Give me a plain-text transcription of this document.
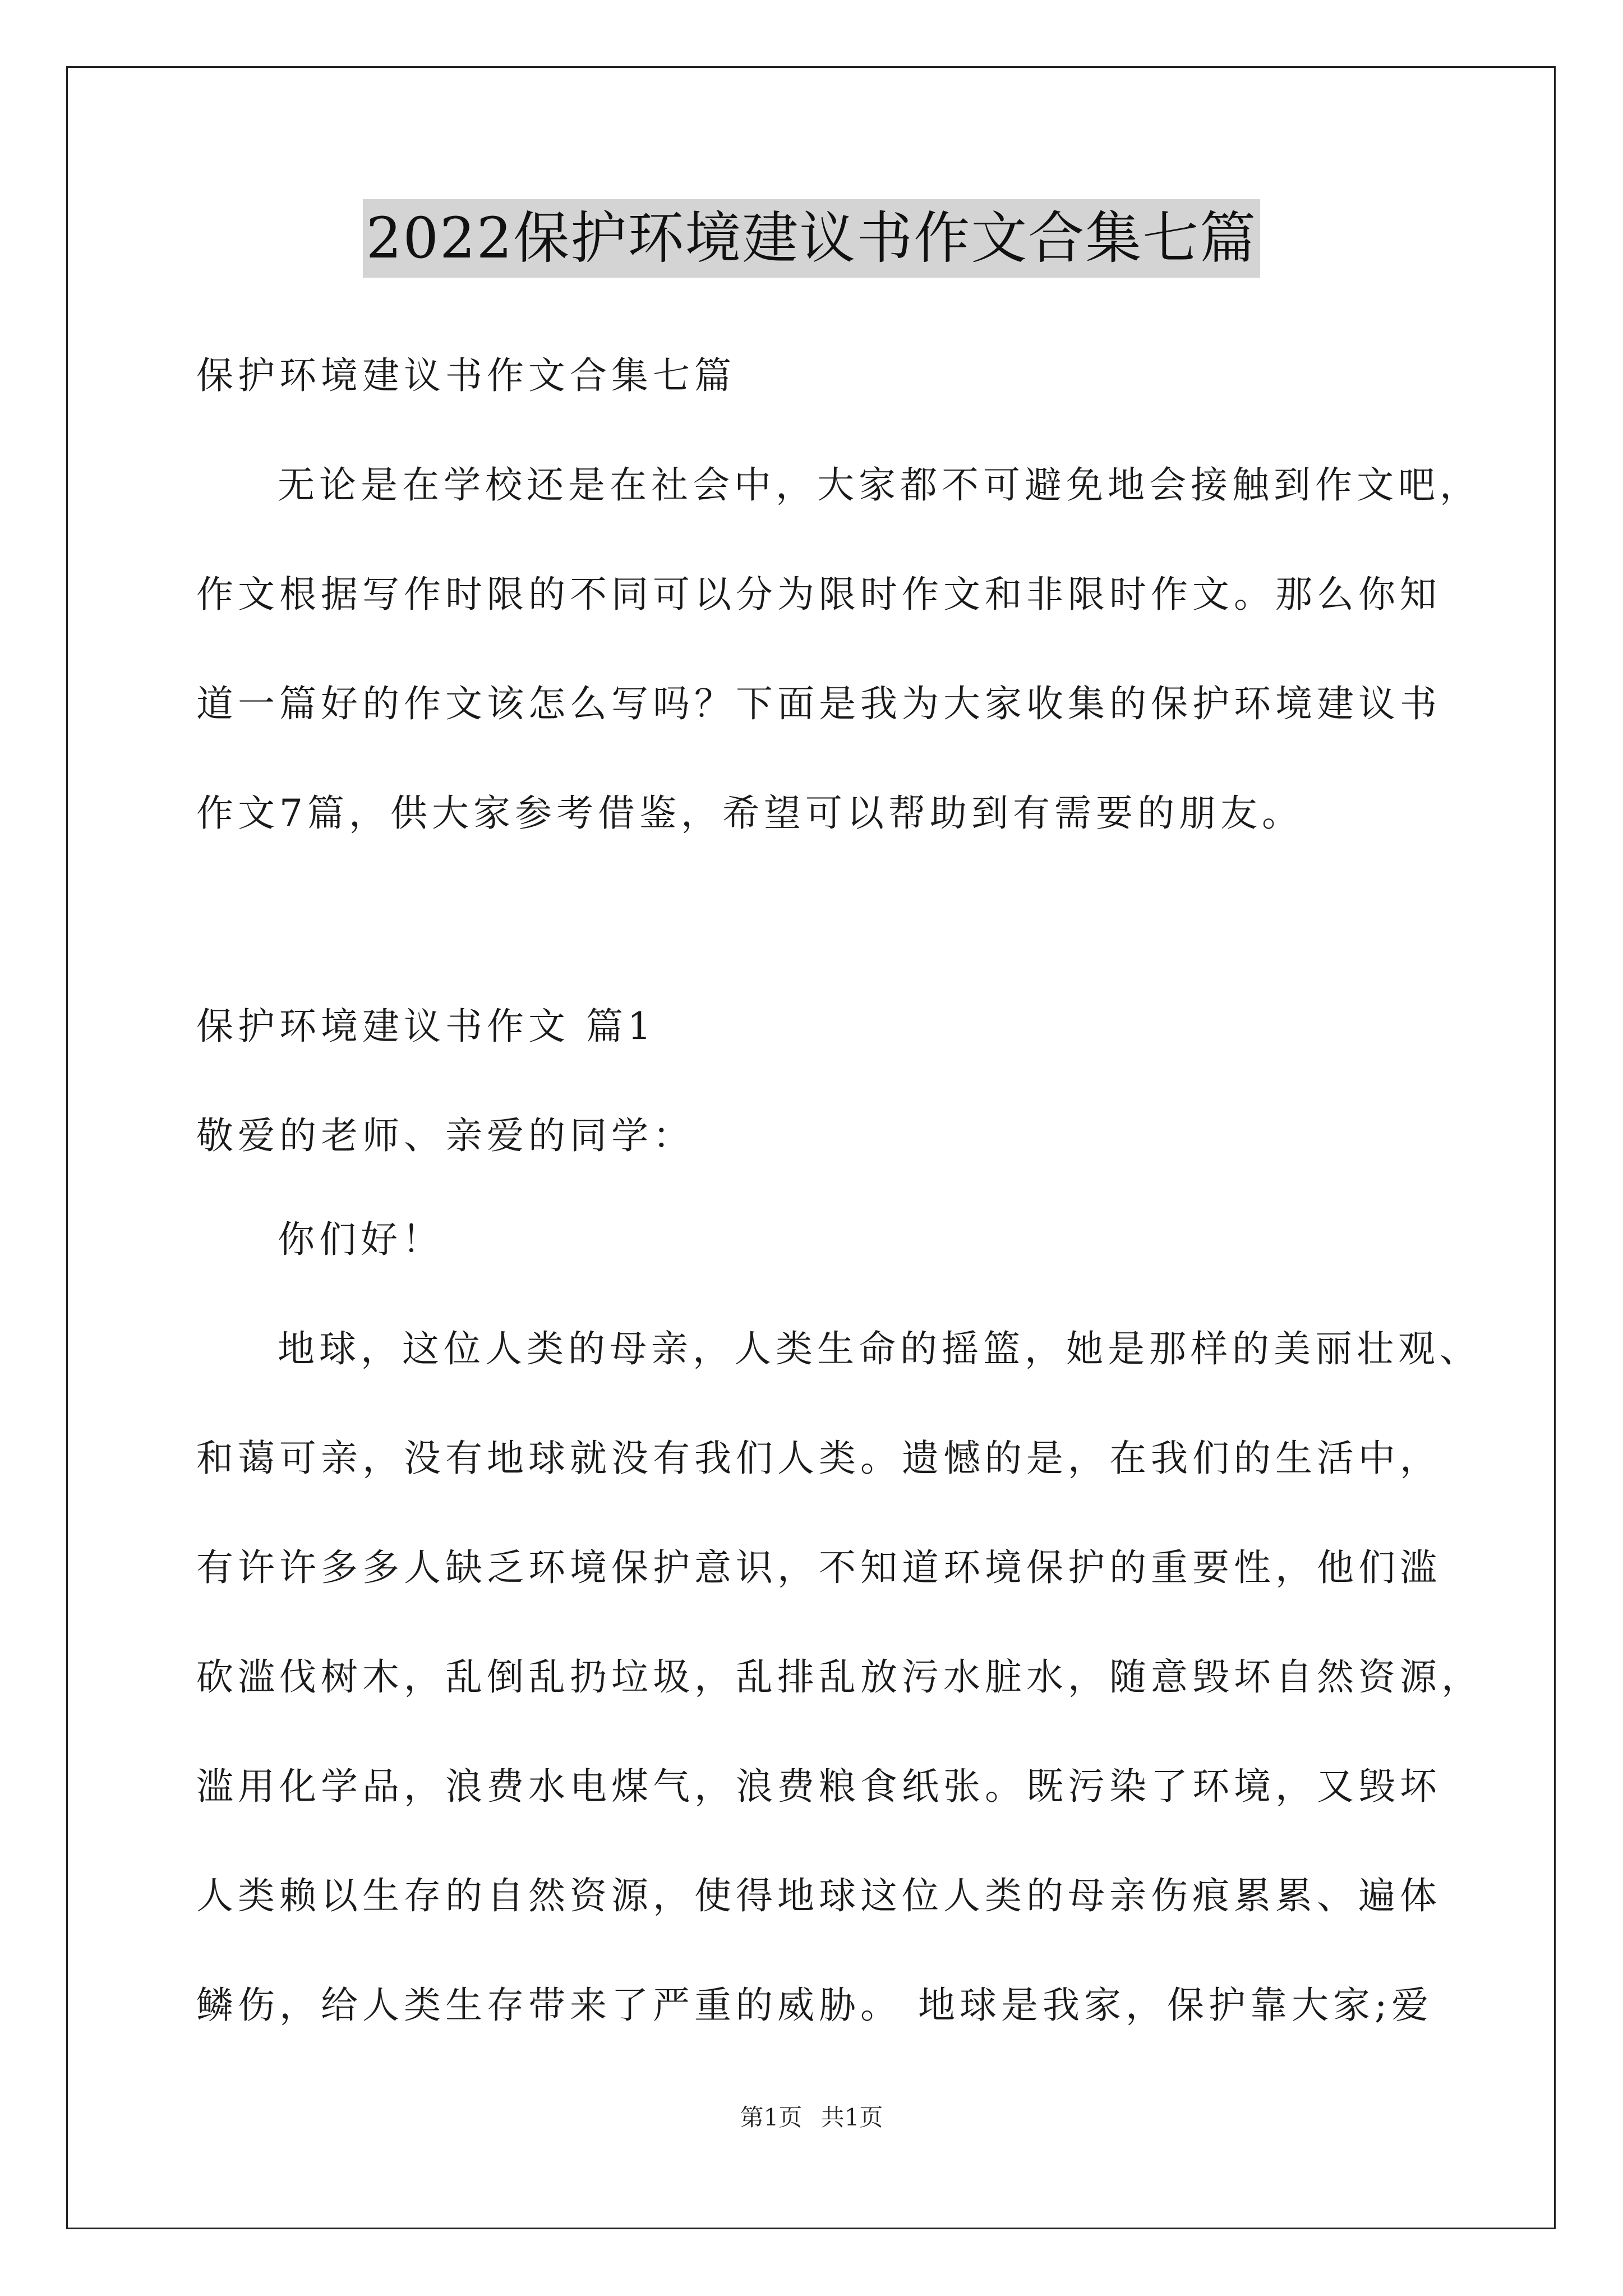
2022保护环境建议书作文合集七篇
保护环境建议书作文合集七篇
无论是在学校还是在社会中，大家都不可避免地会接触到作文吧，
作文根据写作时限的不同可以分为限时作文和非限时作文。那么你知
道一篇好的作文该怎么写吗？下面是我为大家收集的保护环境建议书
作文7篇，供大家参考借鉴，希望可以帮助到有需要的朋友。
保护环境建议书作文 篇1
敬爱的老师、亲爱的同学：
你们好！
地球，这位人类的母亲，人类生命的摇篮，她是那样的美丽壮观、
和蔼可亲，没有地球就没有我们人类。遗憾的是，在我们的生活中，
有许许多多人缺乏环境保护意识，不知道环境保护的重要性，他们滥
砍滥伐树木，乱倒乱扔垃圾，乱排乱放污水脏水，随意毁坏自然资源，
滥用化学品，浪费水电煤气，浪费粮食纸张。既污染了环境，又毁坏
人类赖以生存的自然资源，使得地球这位人类的母亲伤痕累累、遍体
鳞伤，给人类生存带来了严重的威胁。 地球是我家，保护靠大家;爱
第1页 共1页
